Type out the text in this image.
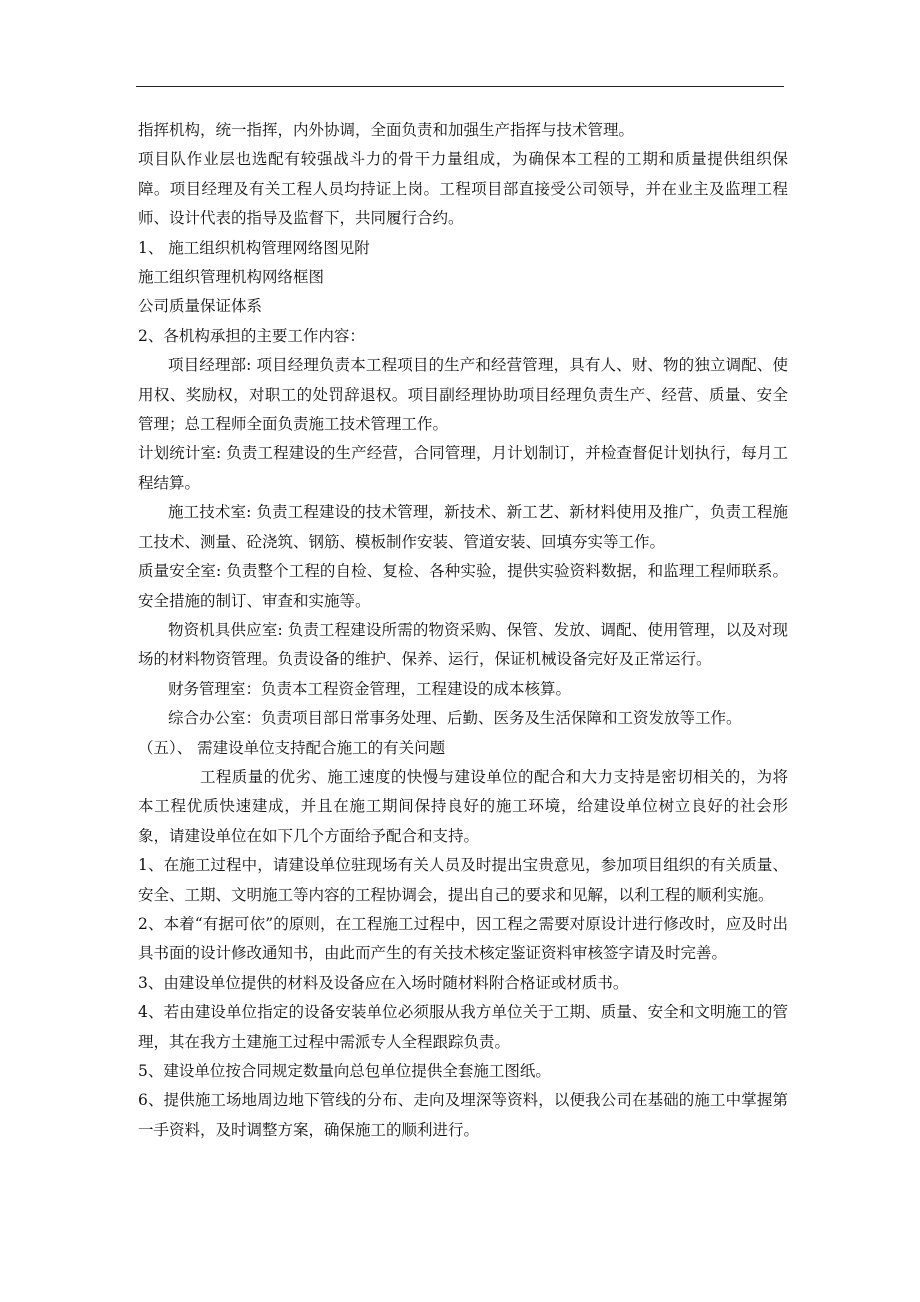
指挥机构，统一指挥，内外协调，全面负责和加强生产指挥与技术管理。

项目队作业层也选配有较强战斗力的骨干力量组成，为确保本工程的工期和质量提供组织保障。项目经理及有关工程人员均持证上岗。工程项目部直接受公司领导，并在业主及监理工程师、设计代表的指导及监督下，共同履行合约。

1、 施工组织机构管理网络图见附

施工组织管理机构网络框图

公司质量保证体系

2、各机构承担的主要工作内容：

项目经理部: 项目经理负责本工程项目的生产和经营管理，具有人、财、物的独立调配、使用权、奖励权，对职工的处罚辞退权。项目副经理协助项目经理负责生产、经营、质量、安全管理；总工程师全面负责施工技术管理工作。

计划统计室: 负责工程建设的生产经营，合同管理，月计划制订，并检查督促计划执行，每月工程结算。

施工技术室: 负责工程建设的技术管理，新技术、新工艺、新材料使用及推广，负责工程施工技术、测量、砼浇筑、钢筋、模板制作安装、管道安装、回填夯实等工作。

质量安全室: 负责整个工程的自检、复检、各种实验，提供实验资料数据，和监理工程师联系。安全措施的制订、审查和实施等。

物资机具供应室: 负责工程建设所需的物资采购、保管、发放、调配、使用管理，以及对现场的材料物资管理。负责设备的维护、保养、运行，保证机械设备完好及正常运行。

财务管理室：负责本工程资金管理，工程建设的成本核算。

综合办公室：负责项目部日常事务处理、后勤、医务及生活保障和工资发放等工作。

（五）、 需建设单位支持配合施工的有关问题

工程质量的优劣、施工速度的快慢与建设单位的配合和大力支持是密切相关的，为将本工程优质快速建成，并且在施工期间保持良好的施工环境，给建设单位树立良好的社会形象，请建设单位在如下几个方面给予配合和支持。

1、在施工过程中，请建设单位驻现场有关人员及时提出宝贵意见，参加项目组织的有关质量、安全、工期、文明施工等内容的工程协调会，提出自己的要求和见解，以利工程的顺利实施。

2、本着“有据可依”的原则，在工程施工过程中，因工程之需要对原设计进行修改时，应及时出具书面的设计修改通知书，由此而产生的有关技术核定鉴证资料审核签字请及时完善。

3、由建设单位提供的材料及设备应在入场时随材料附合格证或材质书。

4、若由建设单位指定的设备安装单位必须服从我方单位关于工期、质量、安全和文明施工的管理，其在我方土建施工过程中需派专人全程跟踪负责。

5、建设单位按合同规定数量向总包单位提供全套施工图纸。

6、提供施工场地周边地下管线的分布、走向及埋深等资料，以便我公司在基础的施工中掌握第一手资料，及时调整方案，确保施工的顺利进行。
